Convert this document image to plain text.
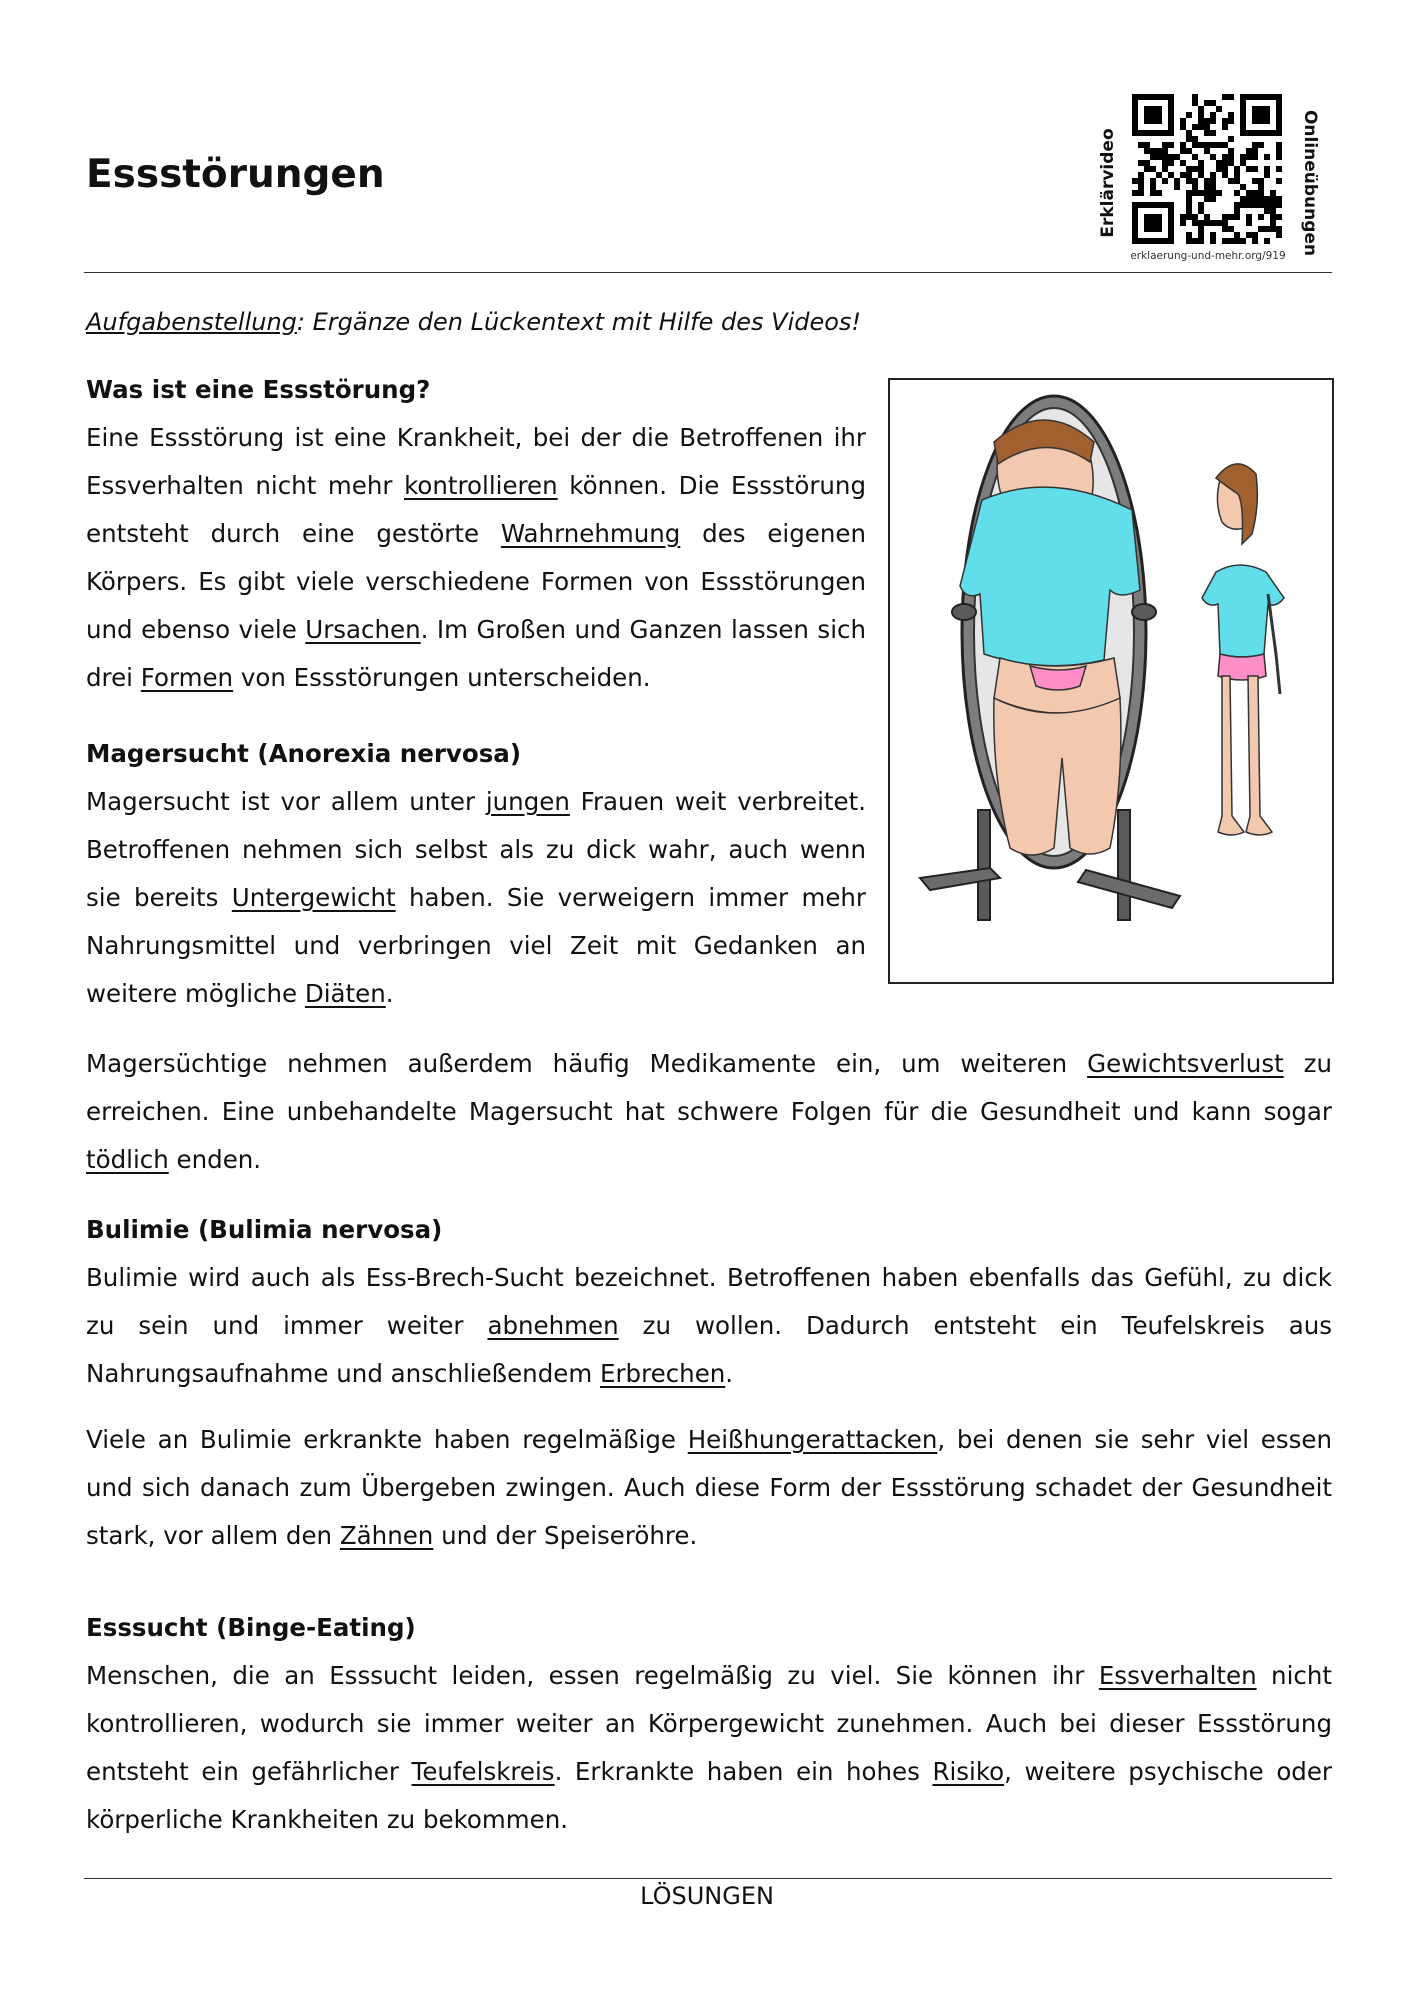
Essstörungen	Erklärvideo	Onlineübungen
erklaerung-und-mehr.org/919

Aufgabenstellung: Ergänze den Lückentext mit Hilfe des Videos!

Was ist eine Essstörung?

Eine Essstörung ist eine Krankheit, bei der die Betroffenen ihr Essverhalten nicht mehr kontrollieren können. Die Essstörung entsteht durch eine gestörte Wahrnehmung des eigenen Körpers. Es gibt viele verschiedene Formen von Essstörungen und ebenso viele Ursachen. Im Großen und Ganzen lassen sich drei Formen von Essstörungen unterscheiden.

Magersucht (Anorexia nervosa)

Magersucht ist vor allem unter jungen Frauen weit verbreitet. Betroffenen nehmen sich selbst als zu dick wahr, auch wenn sie bereits Untergewicht haben. Sie verweigern immer mehr Nahrungsmittel und verbringen viel Zeit mit Gedanken an weitere mögliche Diäten.

Magersüchtige nehmen außerdem häufig Medikamente ein, um weiteren Gewichtsverlust zu erreichen. Eine unbehandelte Magersucht hat schwere Folgen für die Gesundheit und kann sogar tödlich enden.

Bulimie (Bulimia nervosa)

Bulimie wird auch als Ess-Brech-Sucht bezeichnet. Betroffenen haben ebenfalls das Gefühl, zu dick zu sein und immer weiter abnehmen zu wollen. Dadurch entsteht ein Teufelskreis aus Nahrungsaufnahme und anschließendem Erbrechen.

Viele an Bulimie erkrankte haben regelmäßige Heißhungerattacken, bei denen sie sehr viel essen und sich danach zum Übergeben zwingen. Auch diese Form der Essstörung schadet der Gesundheit stark, vor allem den Zähnen und der Speiseröhre.

Esssucht (Binge-Eating)

Menschen, die an Esssucht leiden, essen regelmäßig zu viel. Sie können ihr Essverhalten nicht kontrollieren, wodurch sie immer weiter an Körpergewicht zunehmen. Auch bei dieser Essstörung entsteht ein gefährlicher Teufelskreis. Erkrankte haben ein hohes Risiko, weitere psychische oder körperliche Krankheiten zu bekommen.

LÖSUNGEN
